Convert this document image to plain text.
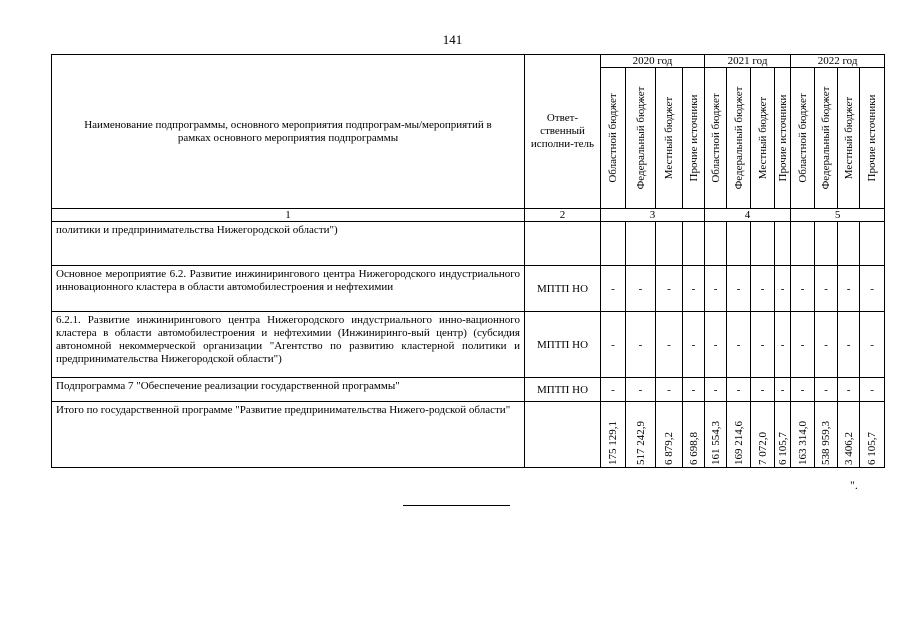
141
Наименование подпрограммы, основного мероприятия подпрограм-мы/мероприятий в рамках основного мероприятия подпрограммы	Ответ-ственный исполни-тель	2020 год				2021 год				2022 год			

		Областной бюджет	Федеральный бюджет	Местный бюджет	Прочие источники	Областной бюджет	Федеральный бюджет	Местный бюджет	Прочие источники	Областной бюджет	Федеральный бюджет	Местный бюджет	Прочие источники

1	2	3				4				5			
политики и предпринимательства Нижегородской области")													
Основное мероприятие 6.2. Развитие инжинирингового центра Нижегородского индустриального инновационного кластера в области автомобилестроения и нефтехимии	МПТП НО	-	-	-	-	-	-	-	-	-	-	-	-
6.2.1. Развитие инжинирингового центра Нижегородского индустриального инно-вационного кластера в области автомобилестроения и нефтехимии (Инжиниринго-вый центр) (субсидия автономной некоммерческой организации "Агентство по развитию кластерной политики и предпринимательства Нижегородской области")	МПТП НО	-	-	-	-	-	-	-	-	-	-	-	-
Подпрограмма 7 "Обеспечение реализации государственной программы"	МПТП НО	-	-	-	-	-	-	-	-	-	-	-	-
Итого по государственной программе "Развитие предпринимательства Нижего-родской области"		175 129,1	517 242,9	6 879,2	6 698,8	161 554,3	169 214,6	7 072,0	6 105,7	163 314,0	538 959,3	3 406,2	6 105,7
".
